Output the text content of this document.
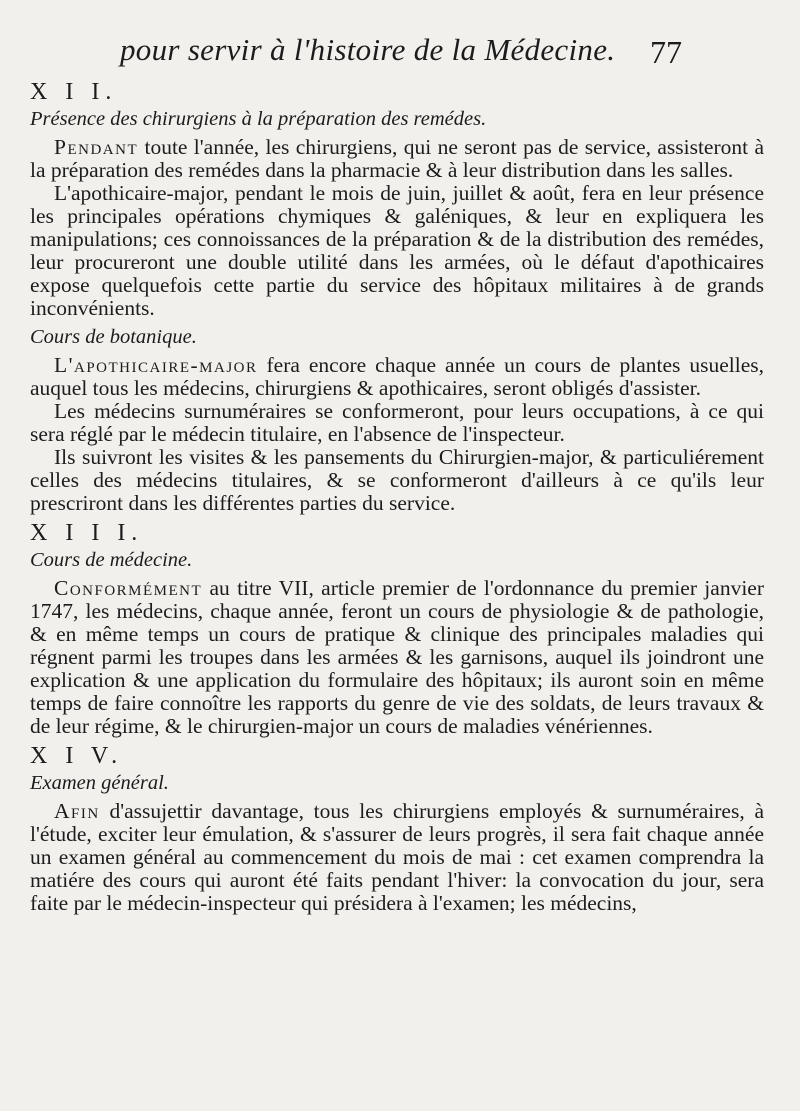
pour servir à l'histoire de la Médecine. 77
X I I.
Présence des chirurgiens à la préparation des remédes.

Pendant toute l'année, les chirurgiens, qui ne seront pas de service, assisteront à la préparation des remédes dans la pharmacie & à leur distribution dans les salles.

L'apothicaire-major, pendant le mois de juin, juillet & août, fera en leur présence les principales opérations chymiques & galéniques, & leur en expliquera les manipulations; ces connoissances de la préparation & de la distribution des remédes, leur procureront une double utilité dans les armées, où le défaut d'apothicaires expose quelquefois cette partie du service des hôpitaux militaires à de grands inconvénients.

Cours de botanique.

L'apothicaire-major fera encore chaque année un cours de plantes usuelles, auquel tous les médecins, chirurgiens & apothicaires, seront obligés d'assister.

Les médecins surnuméraires se conformeront, pour leurs occupations, à ce qui sera réglé par le médecin titulaire, en l'absence de l'inspecteur.

Ils suivront les visites & les pansements du Chirurgien-major, & particuliérement celles des médecins titulaires, & se conformeront d'ailleurs à ce qu'ils leur prescriront dans les différentes parties du service.

X I I I.
Cours de médecine.

Conformément au titre VII, article premier de l'ordonnance du premier janvier 1747, les médecins, chaque année, feront un cours de physiologie & de pathologie, & en même temps un cours de pratique & clinique des principales maladies qui régnent parmi les troupes dans les armées & les garnisons, auquel ils joindront une explication & une application du formulaire des hôpitaux; ils auront soin en même temps de faire connoître les rapports du genre de vie des soldats, de leurs travaux & de leur régime, & le chirurgien-major un cours de maladies vénériennes.

X I V.
Examen général.

Afin d'assujettir davantage, tous les chirurgiens employés & surnuméraires, à l'étude, exciter leur émulation, & s'assurer de leurs progrès, il sera fait chaque année un examen général au commencement du mois de mai : cet examen comprendra la matiére des cours qui auront été faits pendant l'hiver: la convocation du jour, sera faite par le médecin-inspecteur qui présidera à l'examen; les médecins,
